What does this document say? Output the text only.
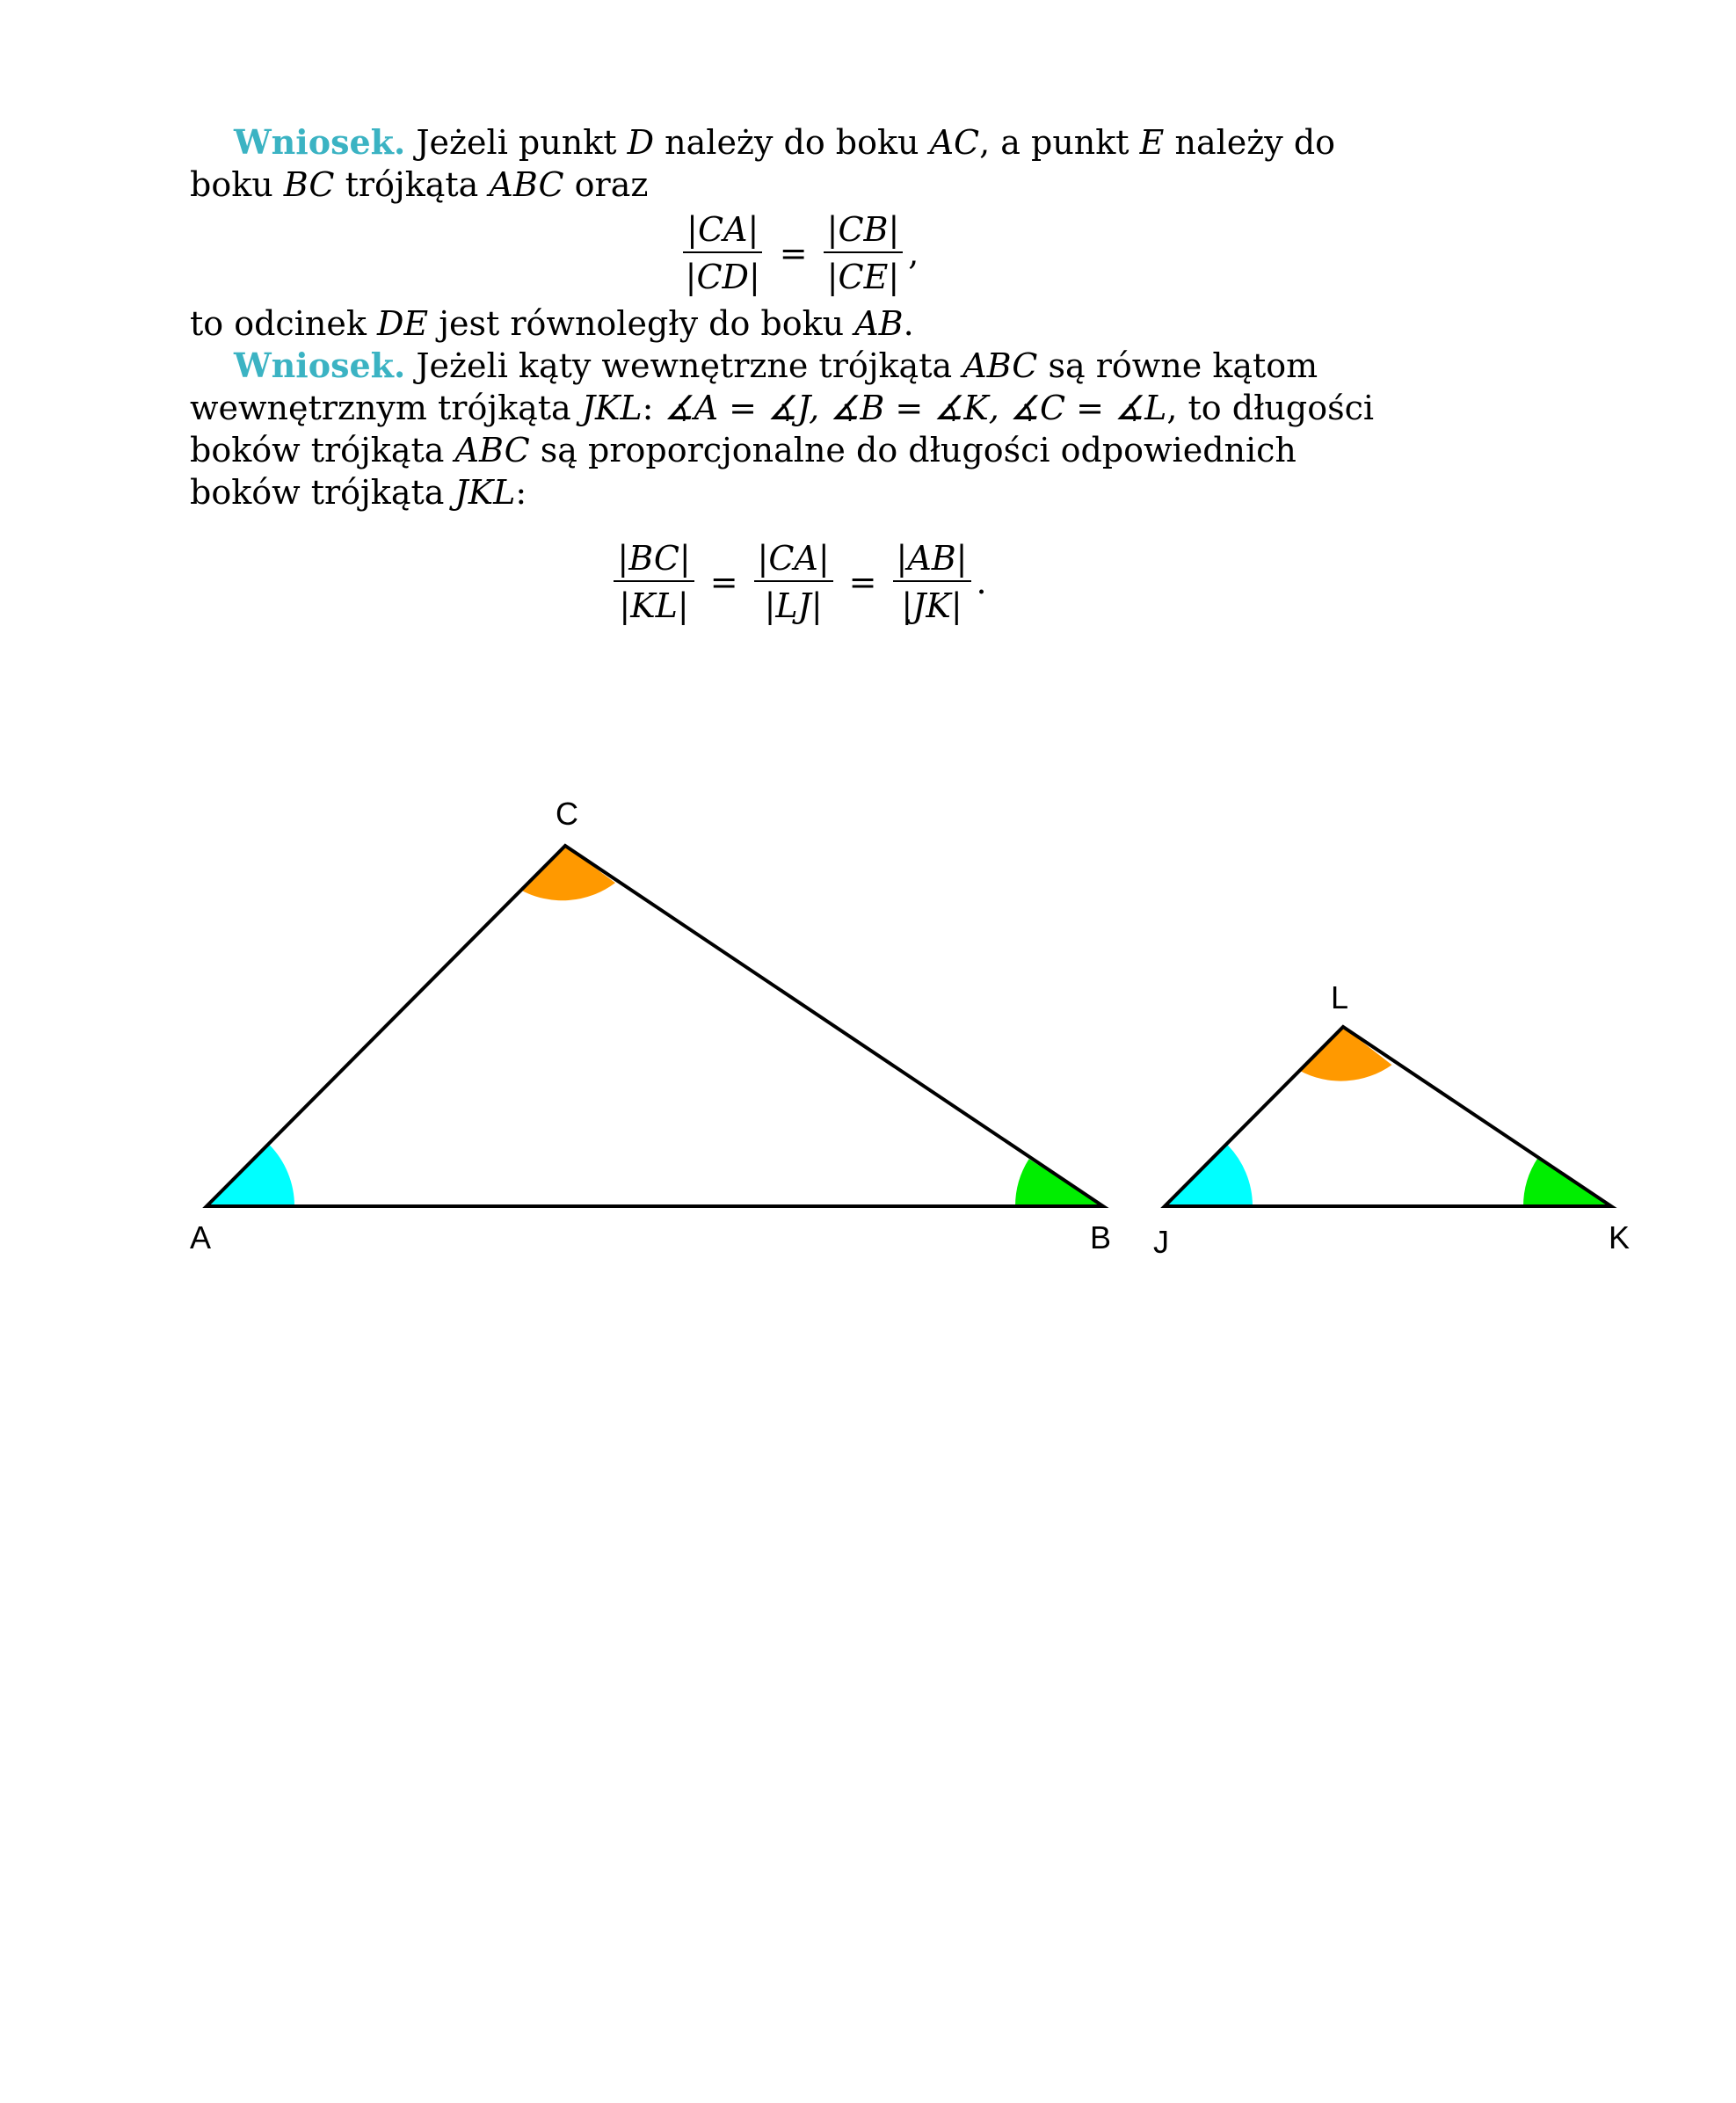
Wniosek. Jeżeli punkt D należy do boku AC, a punkt E należy do boku BC trójkąta ABC oraz

$\frac{|CA|}{|CD|} = \frac{|CB|}{|CE|}$ ,

to odcinek DE jest równoległy do boku AB.

Wniosek. Jeżeli kąty wewnętrzne trójkąta ABC są równe kątom wewnętrznym trójkąta JKL: ∡A = ∡J, ∡B = ∡K, ∡C = ∡L, to długości boków trójkąta ABC są proporcjonalne do długości odpowiednich boków trójkąta JKL:

$\frac{|BC|}{|KL|} = \frac{|CA|}{|LJ|} = \frac{|AB|}{|JK|}$ .
A	B
C
J	K
L
